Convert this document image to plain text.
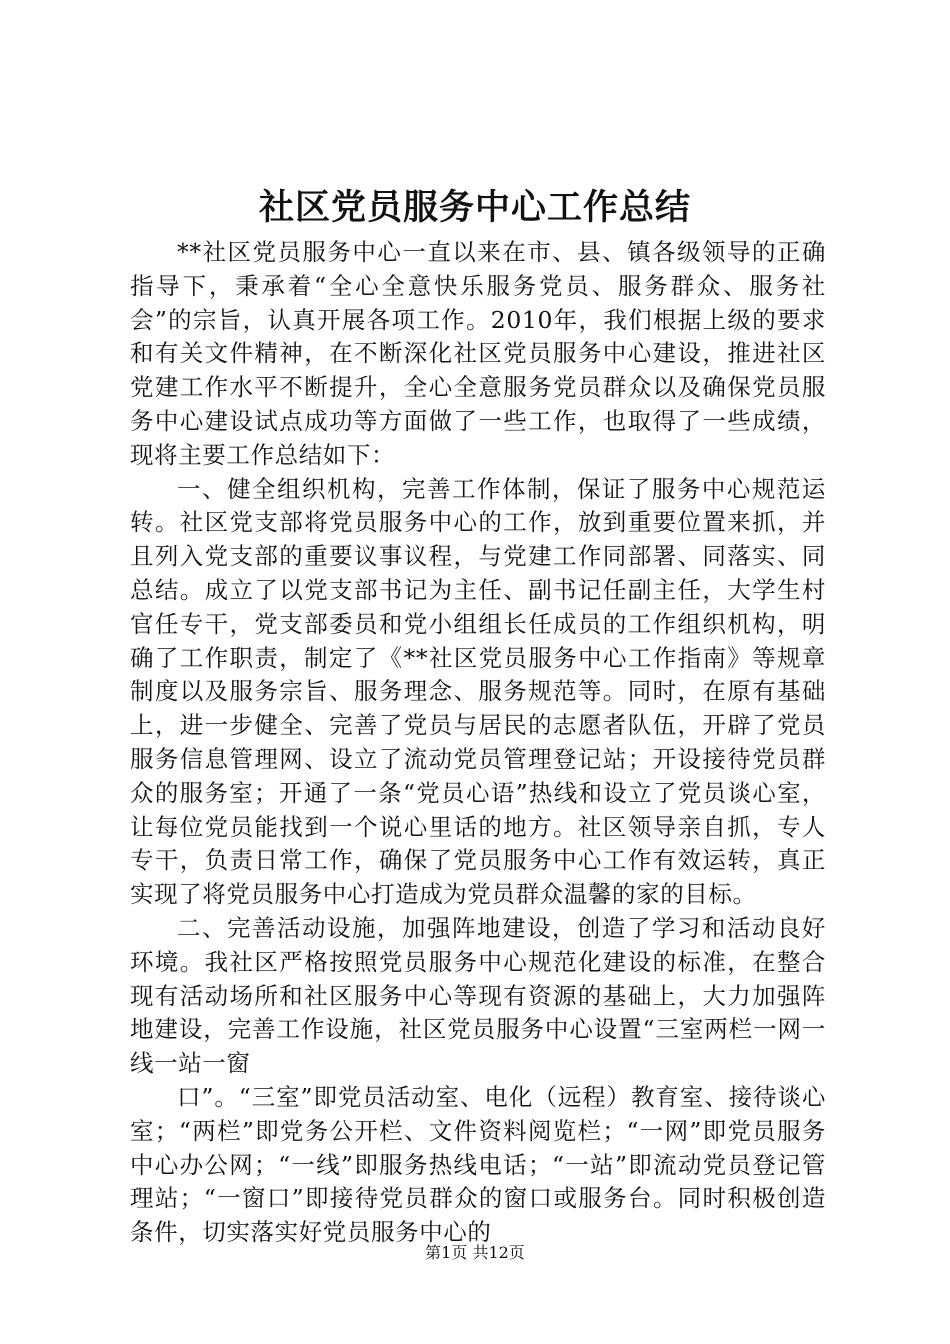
社区党员服务中心工作总结

**社区党员服务中心一直以来在市、县、镇各级领导的正确指导下，秉承着“全心全意快乐服务党员、服务群众、服务社会”的宗旨，认真开展各项工作。2010年，我们根据上级的要求和有关文件精神，在不断深化社区党员服务中心建设，推进社区党建工作水平不断提升，全心全意服务党员群众以及确保党员服务中心建设试点成功等方面做了一些工作，也取得了一些成绩，现将主要工作总结如下：

一、健全组织机构，完善工作体制，保证了服务中心规范运转。社区党支部将党员服务中心的工作，放到重要位置来抓，并且列入党支部的重要议事议程，与党建工作同部署、同落实、同总结。成立了以党支部书记为主任、副书记任副主任，大学生村官任专干，党支部委员和党小组组长任成员的工作组织机构，明确了工作职责，制定了《**社区党员服务中心工作指南》等规章制度以及服务宗旨、服务理念、服务规范等。同时，在原有基础上，进一步健全、完善了党员与居民的志愿者队伍，开辟了党员服务信息管理网、设立了流动党员管理登记站；开设接待党员群众的服务室；开通了一条“党员心语”热线和设立了党员谈心室，让每位党员能找到一个说心里话的地方。社区领导亲自抓，专人专干，负责日常工作，确保了党员服务中心工作有效运转，真正实现了将党员服务中心打造成为党员群众温馨的家的目标。

二、完善活动设施，加强阵地建设，创造了学习和活动良好环境。我社区严格按照党员服务中心规范化建设的标准，在整合现有活动场所和社区服务中心等现有资源的基础上，大力加强阵地建设，完善工作设施，社区党员服务中心设置“三室两栏一网一线一站一窗

口”。“三室”即党员活动室、电化（远程）教育室、接待谈心室；“两栏”即党务公开栏、文件资料阅览栏；“一网”即党员服务中心办公网；“一线”即服务热线电话；“一站”即流动党员登记管理站；“一窗口”即接待党员群众的窗口或服务台。同时积极创造条件，切实落实好党员服务中心的

第1页 共12页
